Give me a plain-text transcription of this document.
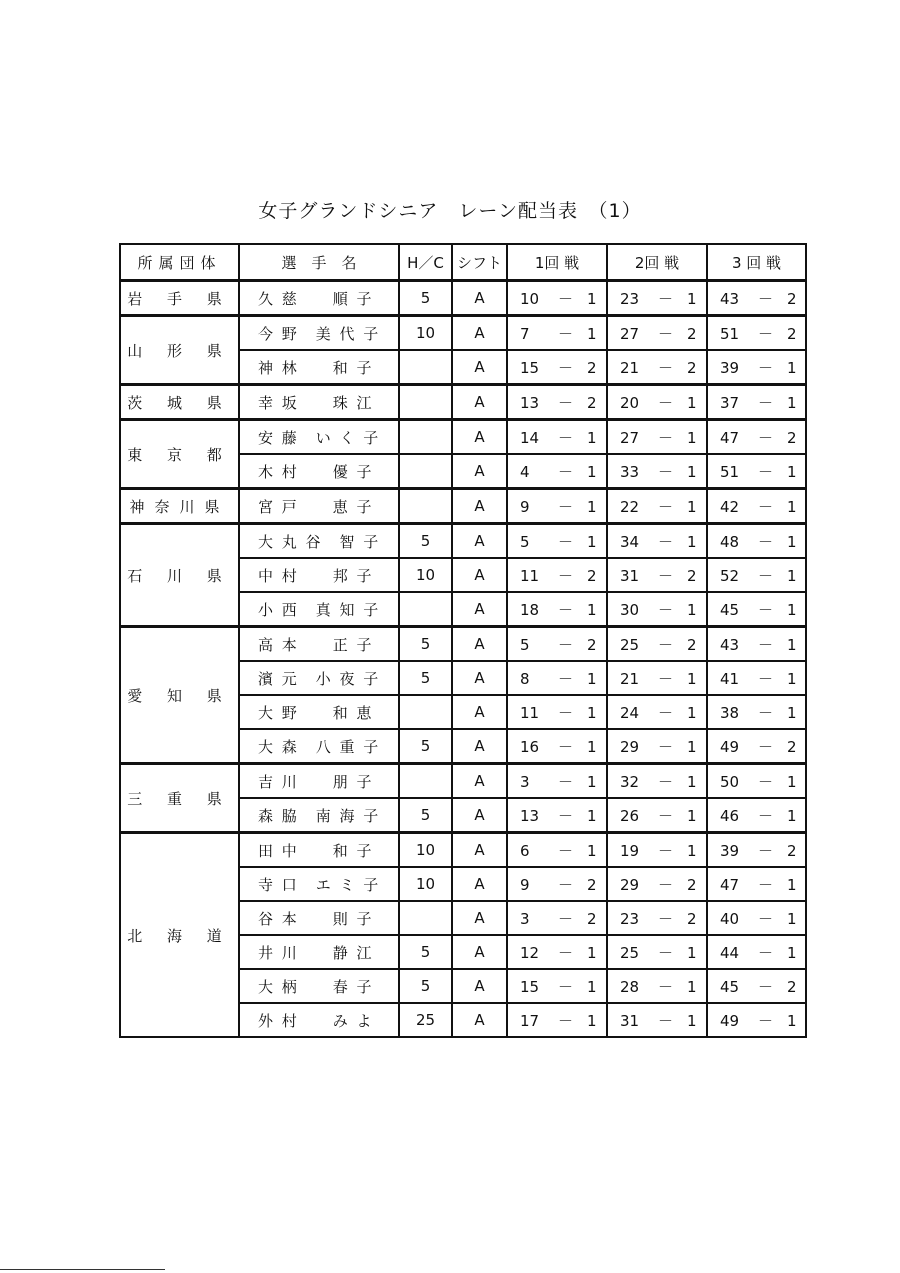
女子グランドシニア　レーン配当表　（1）
所属団体	選　手　名	H／C	シフト	1回 戦	2回 戦	3 回 戦
岩 手 県	久 慈　　順 子	5	A	10 － 1	23 － 1	43 － 2
山 形 県	今 野　美 代 子	10	A	7 － 1	27 － 2	51 － 2
	神 林　　和 子		A	15 － 2	21 － 2	39 － 1
茨 城 県	幸 坂　　珠 江		A	13 － 2	20 － 1	37 － 1
東 京 都	安 藤　い く 子		A	14 － 1	27 － 1	47 － 2
	木 村　　優 子		A	4 － 1	33 － 1	51 － 1
神奈川県	宮 戸　　恵 子		A	9 － 1	22 － 1	42 － 1
石 川 県	大 丸 谷　智 子	5	A	5 － 1	34 － 1	48 － 1
	中 村　　邦 子	10	A	11 － 2	31 － 2	52 － 1
	小 西　真 知 子		A	18 － 1	30 － 1	45 － 1
愛 知 県	高 本　　正 子	5	A	5 － 2	25 － 2	43 － 1
	濱 元　小 夜 子	5	A	8 － 1	21 － 1	41 － 1
	大 野　　和 恵		A	11 － 1	24 － 1	38 － 1
	大 森　八 重 子	5	A	16 － 1	29 － 1	49 － 2
三 重 県	吉 川　　朋 子		A	3 － 1	32 － 1	50 － 1
	森 脇　南 海 子	5	A	13 － 1	26 － 1	46 － 1
北 海 道	田 中　　和 子	10	A	6 － 1	19 － 1	39 － 2
	寺 口　エ ミ 子	10	A	9 － 2	29 － 2	47 － 1
	谷 本　　則 子		A	3 － 2	23 － 2	40 － 1
	井 川　　静 江	5	A	12 － 1	25 － 1	44 － 1
	大 柄　　春 子	5	A	15 － 1	28 － 1	45 － 2
	外 村　　み よ	25	A	17 － 1	31 － 1	49 － 1
